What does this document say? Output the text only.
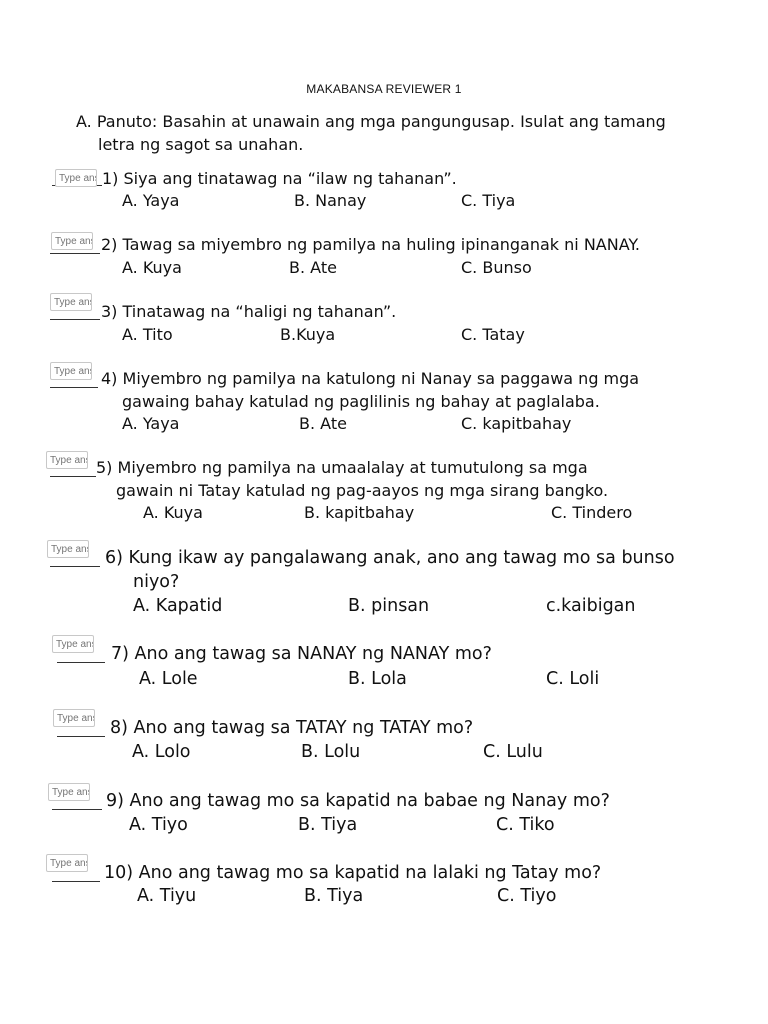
MAKABANSA REVIEWER 1
A. Panuto: Basahin at unawain ang mga pangungusap. Isulat ang tamang
letra ng sagot sa unahan.
Type answer
1) Siya ang tinatawag na “ilaw ng tahanan”.
A. Yaya	B. Nanay	C. Tiya
Type answer
2) Tawag sa miyembro ng pamilya na huling ipinanganak ni NANAY.
A. Kuya	B. Ate	C. Bunso
Type answer
3) Tinatawag na “haligi ng tahanan”.
A. Tito	B.Kuya	C. Tatay
Type answer
4) Miyembro ng pamilya na katulong ni Nanay sa paggawa ng mga
gawaing bahay katulad ng paglilinis ng bahay at paglalaba.
A. Yaya	B. Ate	C. kapitbahay
Type answer
5) Miyembro ng pamilya na umaalalay at tumutulong sa mga
gawain ni Tatay katulad ng pag-aayos ng mga sirang bangko.
A. Kuya	B. kapitbahay	C. Tindero
Type answer
6) Kung ikaw ay pangalawang anak, ano ang tawag mo sa bunso
niyo?
A. Kapatid	B. pinsan	c.kaibigan
Type answer
7) Ano ang tawag sa NANAY ng NANAY mo?
A. Lole	B. Lola	C. Loli
Type answer
8) Ano ang tawag sa TATAY ng TATAY mo?
A. Lolo	B. Lolu	C. Lulu
Type answer
9) Ano ang tawag mo sa kapatid na babae ng Nanay mo?
A. Tiyo	B. Tiya	C. Tiko
Type answer
10) Ano ang tawag mo sa kapatid na lalaki ng Tatay mo?
A. Tiyu	B. Tiya	C. Tiyo
